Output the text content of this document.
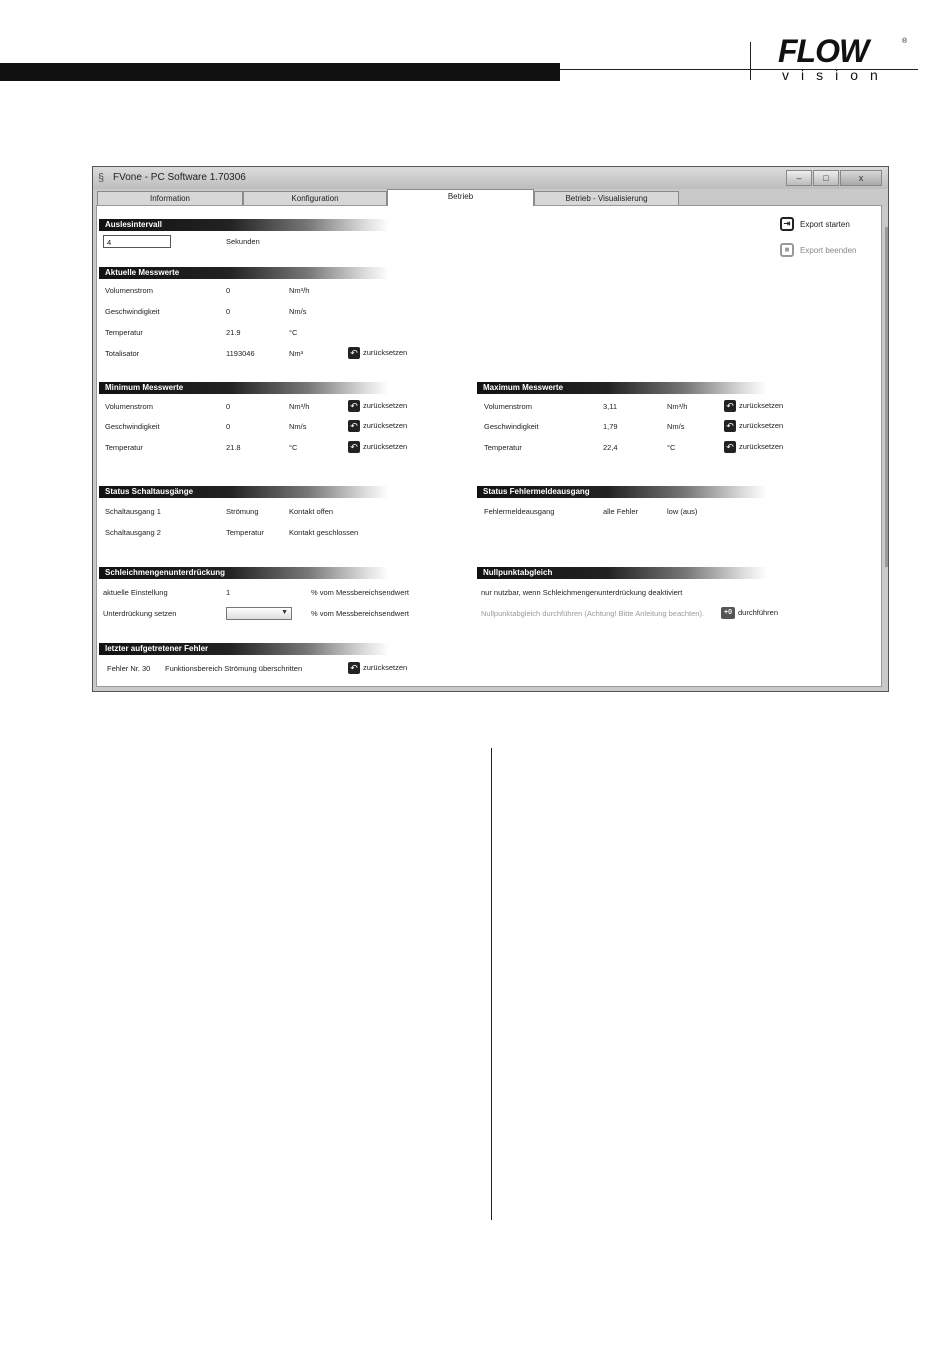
FLOW	®
vision
§ FVone - PC Software 1.70306	–	□	x
Information	Konfiguration	Betrieb	Betrieb - Visualisierung
⇥	Export starten
■	Export beenden
Auslesintervall
4	Sekunden
Aktuelle Messwerte
Volumenstrom	0	Nm³/h
Geschwindigkeit	0	Nm/s
Temperatur	21.9	°C
Totalisator	1193046	Nm³	↶ zurücksetzen
Minimum Messwerte
Volumenstrom	0	Nm³/h	↶ zurücksetzen
Geschwindigkeit	0	Nm/s	↶ zurücksetzen
Temperatur	21.8	°C	↶ zurücksetzen
Maximum Messwerte
Volumenstrom	3,11	Nm³/h	↶ zurücksetzen
Geschwindigkeit	1,79	Nm/s	↶ zurücksetzen
Temperatur	22,4	°C	↶ zurücksetzen
Status Schaltausgänge
Schaltausgang 1	Strömung	Kontakt offen
Schaltausgang 2	Temperatur	Kontakt geschlossen
Status Fehlermeldeausgang
Fehlermeldeausgang	alle Fehler	low (aus)
Schleichmengenunterdrückung
aktuelle Einstellung	1	% vom Messbereichsendwert
Unterdrückung setzen	▼	% vom Messbereichsendwert
Nullpunktabgleich
nur nutzbar, wenn Schleichmengenunterdrückung deaktiviert
Nullpunktabgleich durchführen (Achtung! Bitte Anleitung beachten).	+0 durchführen
letzter aufgetretener Fehler
Fehler Nr. 30 Funktionsbereich Strömung überschritten	↶ zurücksetzen
